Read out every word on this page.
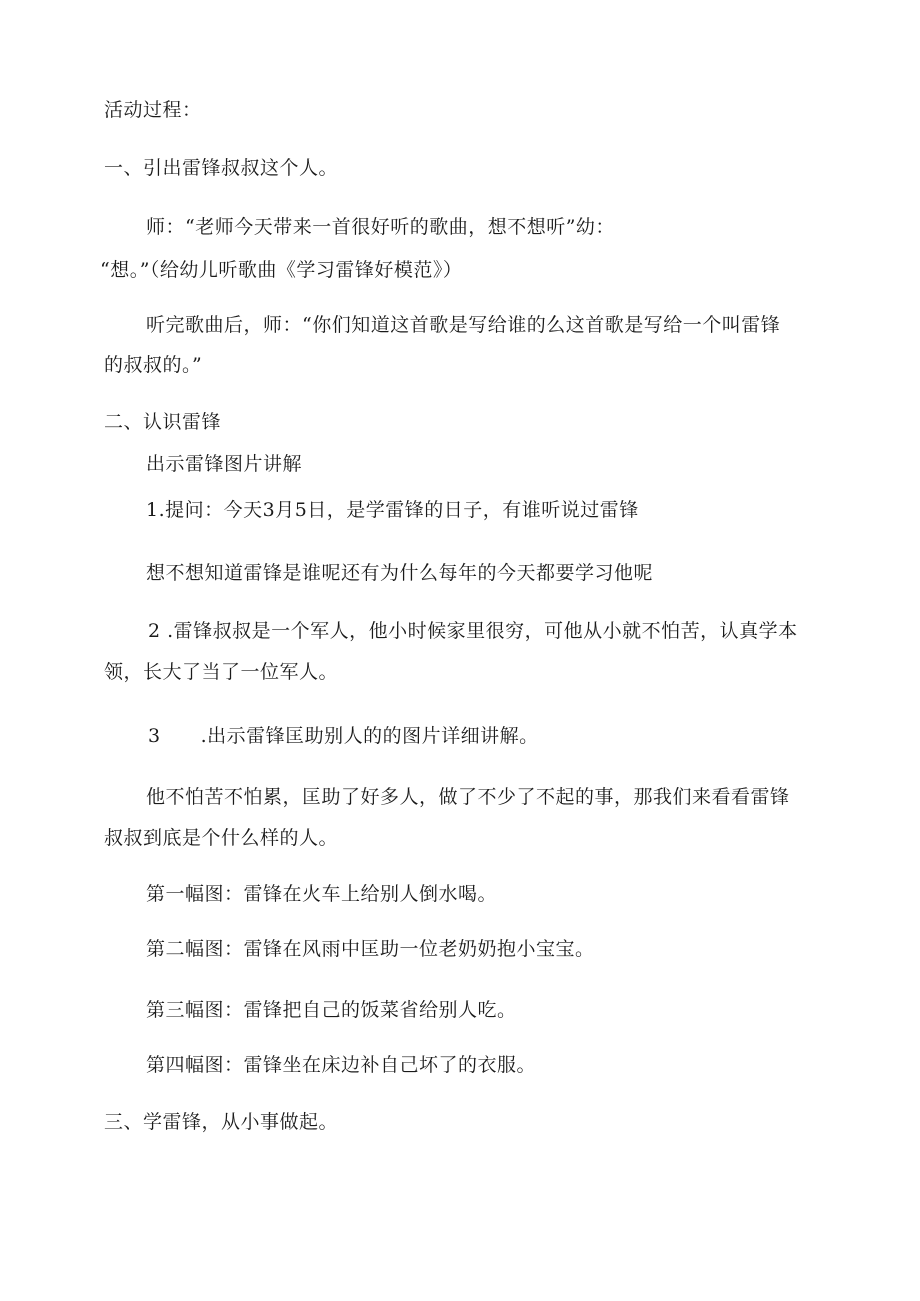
活动过程：

一、引出雷锋叔叔这个人。

师：“老师今天带来一首很好听的歌曲，想不想听”幼：

“想。”（给幼儿听歌曲《学习雷锋好模范》）

听完歌曲后，师：“你们知道这首歌是写给谁的么这首歌是写给一个叫雷锋

的叔叔的。”

二、认识雷锋

出示雷锋图片讲解

1.提问：今天3月5日，是学雷锋的日子，有谁听说过雷锋

想不想知道雷锋是谁呢还有为什么每年的今天都要学习他呢

2 .雷锋叔叔是一个军人，他小时候家里很穷，可他从小就不怕苦，认真学本

领，长大了当了一位军人。

3 .出示雷锋匡助别人的的图片详细讲解。

他不怕苦不怕累，匡助了好多人，做了不少了不起的事，那我们来看看雷锋

叔叔到底是个什么样的人。

第一幅图：雷锋在火车上给别人倒水喝。

第二幅图：雷锋在风雨中匡助一位老奶奶抱小宝宝。

第三幅图：雷锋把自己的饭菜省给别人吃。

第四幅图：雷锋坐在床边补自己坏了的衣服。

三、学雷锋，从小事做起。
